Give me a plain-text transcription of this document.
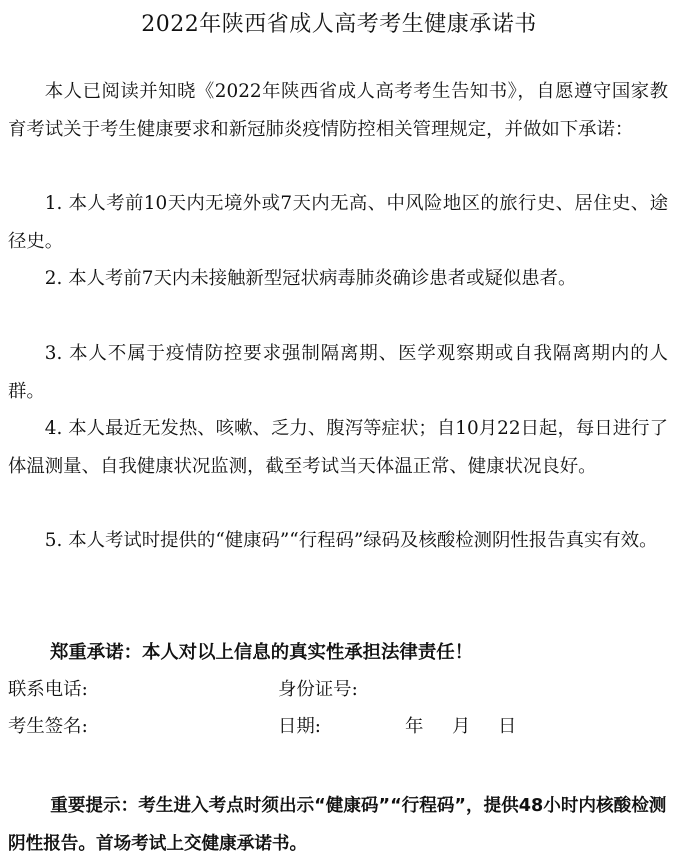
2022年陕西省成人高考考生健康承诺书
本人已阅读并知晓《2022年陕西省成人高考考生告知书》，自愿遵守国家教育考试关于考生健康要求和新冠肺炎疫情防控相关管理规定，并做如下承诺：
1. 本人考前10天内无境外或7天内无高、中风险地区的旅行史、居住史、途径史。
2. 本人考前7天内未接触新型冠状病毒肺炎确诊患者或疑似患者。
3. 本人不属于疫情防控要求强制隔离期、医学观察期或自我隔离期内的人群。
4. 本人最近无发热、咳嗽、乏力、腹泻等症状；自10月22日起，每日进行了体温测量、自我健康状况监测，截至考试当天体温正常、健康状况良好。
5. 本人考试时提供的“健康码”“行程码”绿码及核酸检测阴性报告真实有效。
郑重承诺：本人对以上信息的真实性承担法律责任！
联系电话:	身份证号:
考生签名:	日期:	年 月 日
重要提示：考生进入考点时须出示“健康码”“行程码”，提供48小时内核酸检测阴性报告。首场考试上交健康承诺书。
